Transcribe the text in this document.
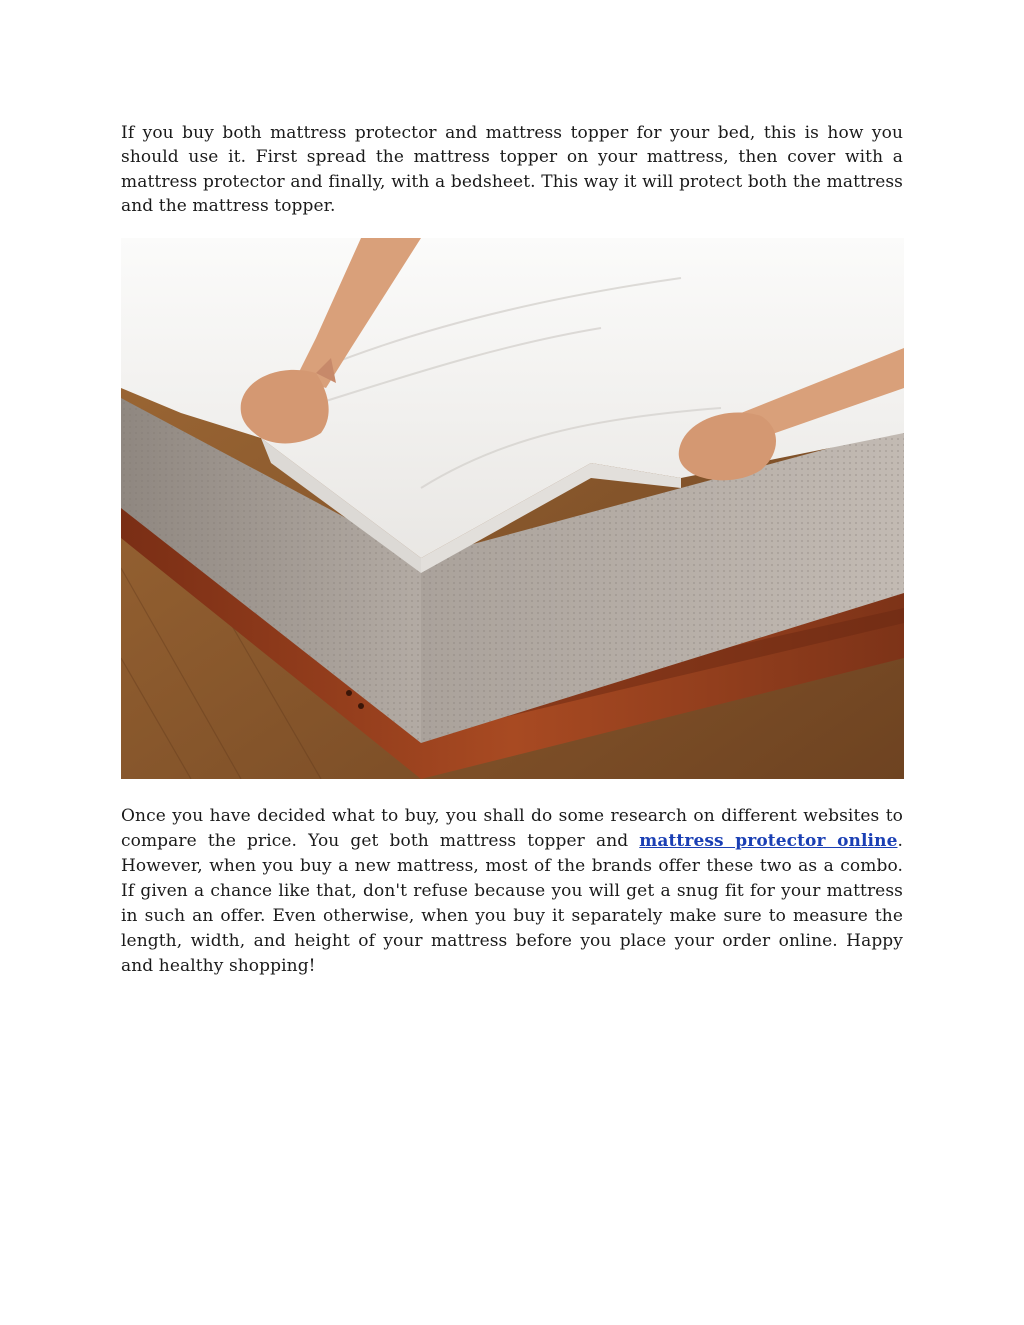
If you buy both mattress protector and mattress topper for your bed, this is how you should use it. First spread the mattress topper on your mattress, then cover with a mattress protector and finally, with a bedsheet. This way it will protect both the mattress and the mattress topper.

Once you have decided what to buy, you shall do some research on different websites to compare the price. You get both mattress topper and mattress protector online. However, when you buy a new mattress, most of the brands offer these two as a combo. If given a chance like that, don't refuse because you will get a snug fit for your mattress in such an offer. Even otherwise, when you buy it separately make sure to measure the length, width, and height of your mattress before you place your order online. Happy and healthy shopping!
